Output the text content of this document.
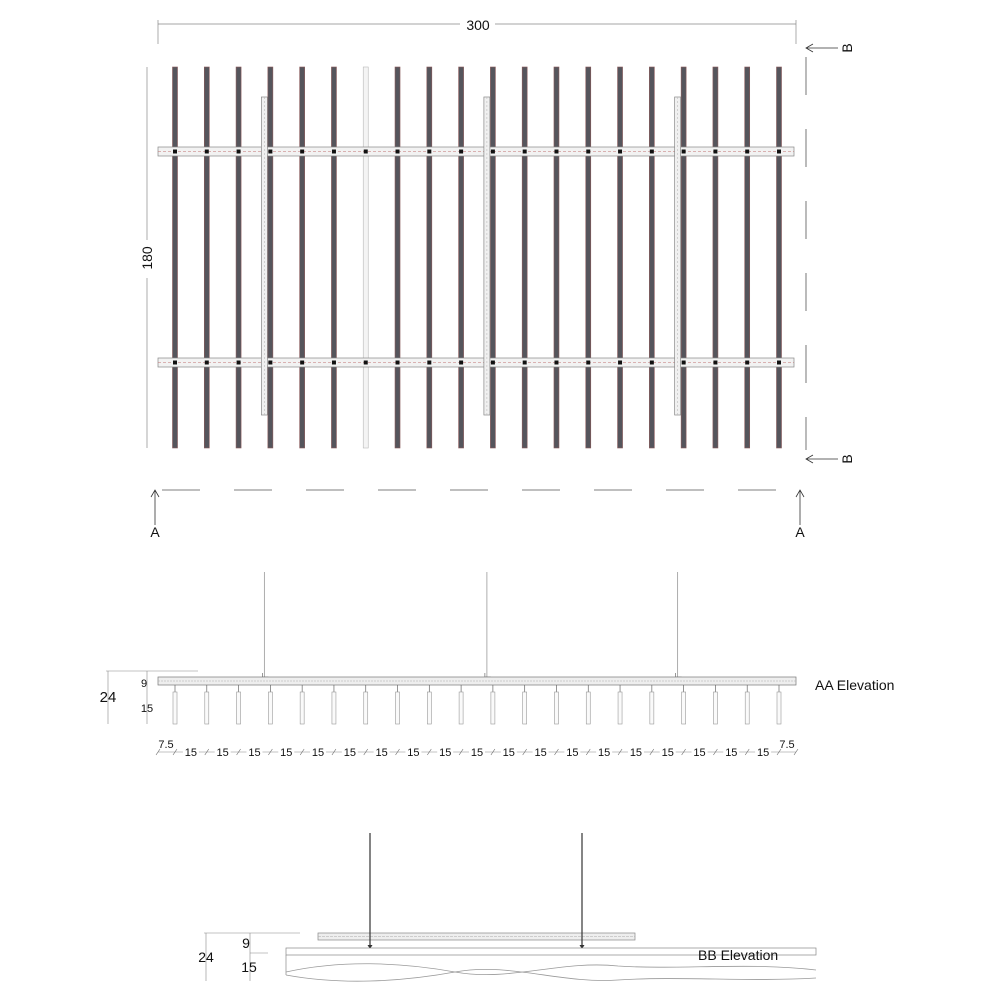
300
180
A	A
B
B
AA Elevation
24
9
15
7.5	7.5
15 15 15 15 15 15 15 15 15 15 15 15 15 15 15 15 15 15 15
BB Elevation
24
9
15
